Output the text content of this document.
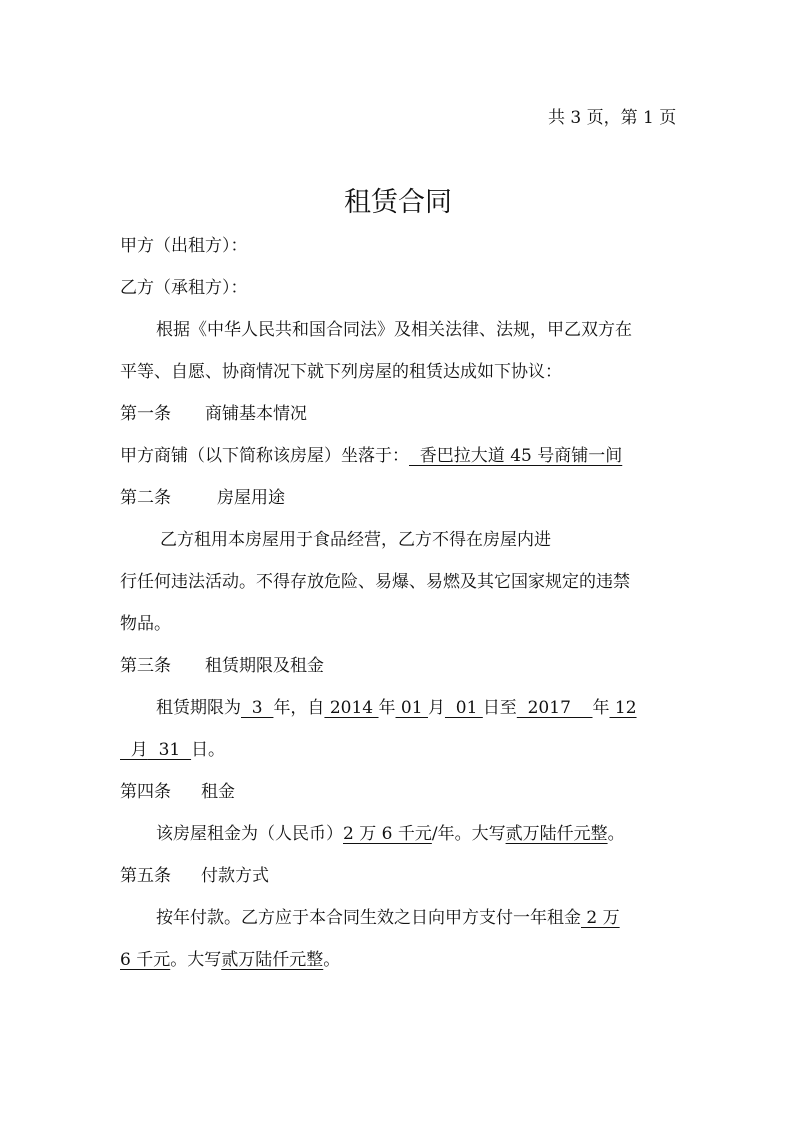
共 3 页，第 1 页
租赁合同
甲方（出租方）：
乙方（承租方）：
根据《中华人民共和国合同法》及相关法律、法规，甲乙双方在
平等、自愿、协商情况下就下列房屋的租赁达成如下协议：
第一条 商铺基本情况
甲方商铺（以下简称该房屋）坐落于：  香巴拉大道 45 号商铺一间
第二条	房屋用途
乙方租用本房屋用于食品经营，乙方不得在房屋内进
行任何违法活动。不得存放危险、易爆、易燃及其它国家规定的违禁
物品。
第三条 租赁期限及租金
租赁期限为  3  年，自 2014 年 01 月  01 日至  2017    年 12
月  31  日。
第四条 租金
该房屋租金为（人民币）2 万 6 千元/年。大写贰万陆仟元整。
第五条 付款方式
按年付款。乙方应于本合同生效之日向甲方支付一年租金 2 万
6 千元。大写贰万陆仟元整。
